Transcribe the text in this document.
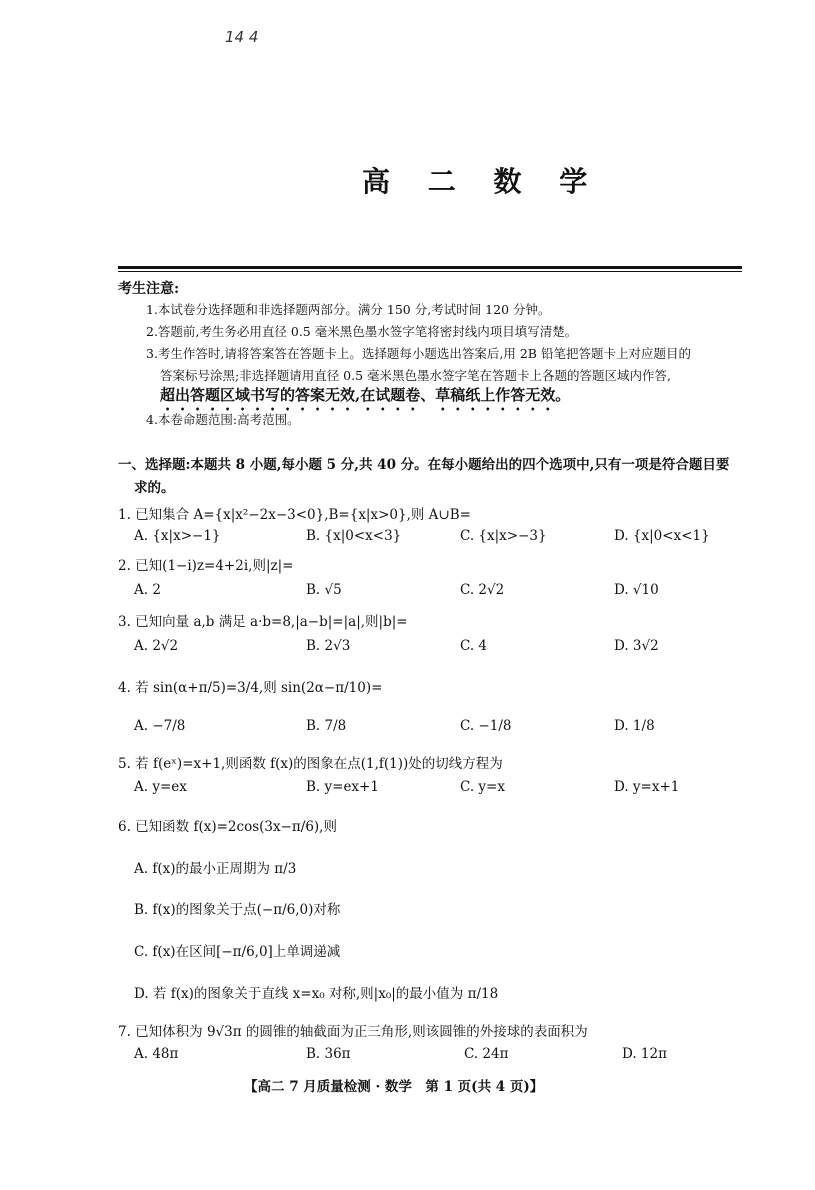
14 4
高 二 数 学
考生注意:
1.本试卷分选择题和非选择题两部分。满分 150 分,考试时间 120 分钟。
2.答题前,考生务必用直径 0.5 毫米黑色墨水签字笔将密封线内项目填写清楚。
3.考生作答时,请将答案答在答题卡上。选择题每小题选出答案后,用 2B 铅笔把答题卡上对应题目的
答案标号涂黑;非选择题请用直径 0.5 毫米黑色墨水签字笔在答题卡上各题的答题区域内作答,
超出答题区域书写的答案无效,在试题卷、草稿纸上作答无效。
4.本卷命题范围:高考范围。
一、选择题:本题共 8 小题,每小题 5 分,共 40 分。在每小题给出的四个选项中,只有一项是符合题目要
求的。
1. 已知集合 A={x|x²−2x−3<0},B={x|x>0},则 A∪B=
A. {x|x>−1}	B. {x|0<x<3}	C. {x|x>−3}	D. {x|0<x<1}
2. 已知(1−i)z=4+2i,则|z|=
A. 2	B. √5	C. 2√2	D. √10
3. 已知向量 a,b 满足 a·b=8,|a−b|=|a|,则|b|=
A. 2√2	B. 2√3	C. 4	D. 3√2
4. 若 sin(α+π/5)=3/4,则 sin(2α−π/10)=
A. −7/8	B. 7/8	C. −1/8	D. 1/8
5. 若 f(eˣ)=x+1,则函数 f(x)的图象在点(1,f(1))处的切线方程为
A. y=ex	B. y=ex+1	C. y=x	D. y=x+1
6. 已知函数 f(x)=2cos(3x−π/6),则
A. f(x)的最小正周期为 π/3
B. f(x)的图象关于点(−π/6,0)对称
C. f(x)在区间[−π/6,0]上单调递减
D. 若 f(x)的图象关于直线 x=x₀ 对称,则|x₀|的最小值为 π/18
7. 已知体积为 9√3π 的圆锥的轴截面为正三角形,则该圆锥的外接球的表面积为
A. 48π	B. 36π	C. 24π	D. 12π
【高二 7 月质量检测 · 数学　第 1 页(共 4 页)】
